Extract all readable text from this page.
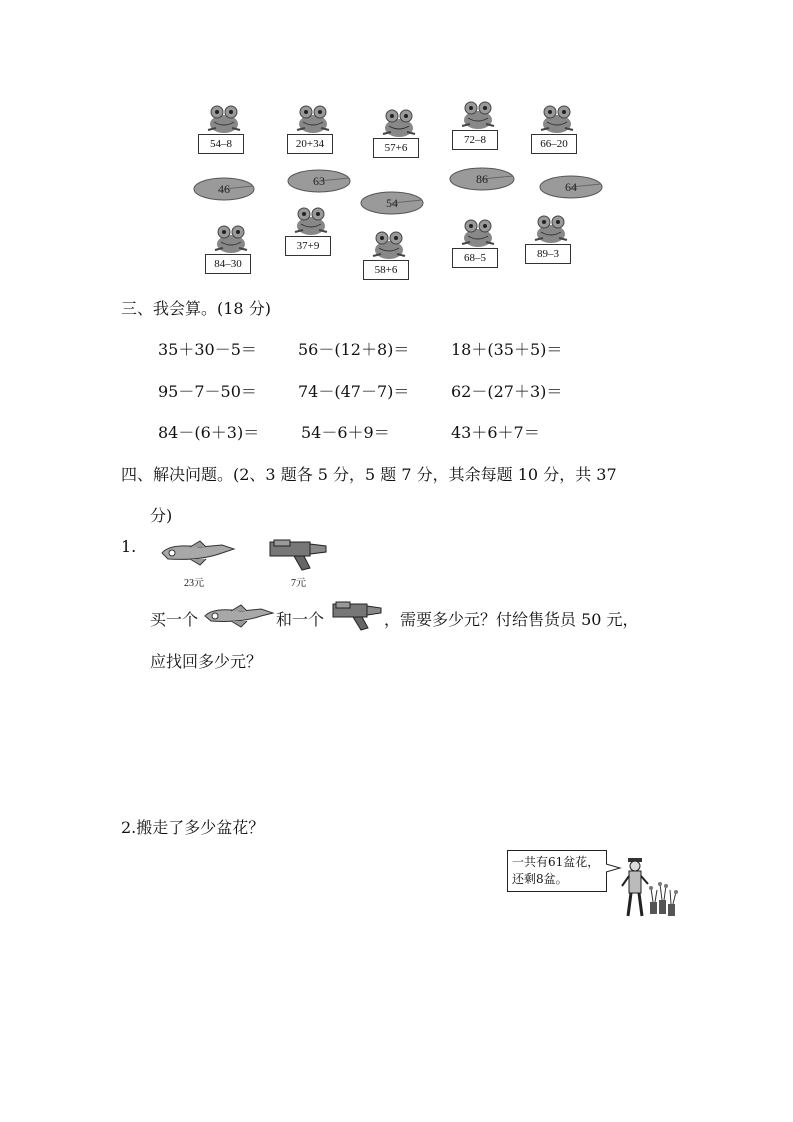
54–8	20+34	57+6
72–8	66–20
37+9
84–30	58+6
68–5	89–3
46
63
54
86
64
三、我会算。(18 分)
35＋30－5＝	56－(12＋8)＝	18＋(35＋5)＝
95－7－50＝	74－(47－7)＝	62－(27＋3)＝
84－(6＋3)＝	54－6＋9＝	43＋6＋7＝
四、解决问题。(2、3 题各 5 分，5 题 7 分，其余每题 10 分，共 37
分)
1.
23元	7元
买一个	和一个	，需要多少元？付给售货员 50 元，
应找回多少元？
2.搬走了多少盆花？
一共有61盆花，
还剩8盆。
